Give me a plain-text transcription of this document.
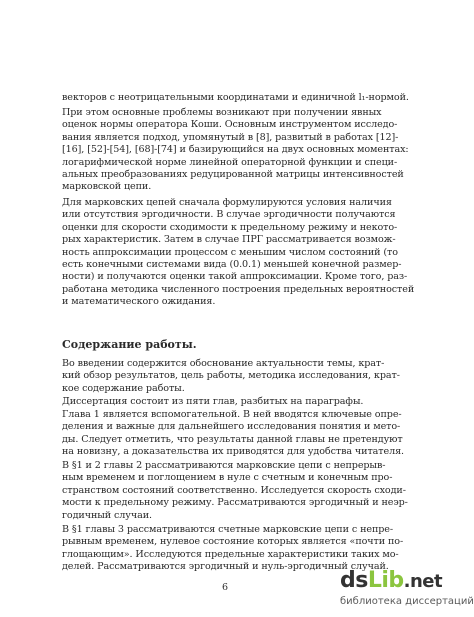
векторов с неотрицательными координатами и единичной l₁-нормой.

При этом основные проблемы возникают при получении явных
оценок нормы оператора Коши. Основным инструментом исследо-
вания является подход, упомянутый в [8], развитый в работах [12]-
[16], [52]-[54], [68]-[74] и базирующийся на двух основных моментах:
логарифмической норме линейной операторной функции и специ-
альных преобразованиях редуцированной матрицы интенсивностей
марковской цепи.

Для марковских цепей сначала формулируются условия наличия
или отсутствия эргодичности. В случае эргодичности получаются
оценки для скорости сходимости к предельному режиму и некото-
рых характеристик. Затем в случае ПРГ рассматривается возмож-
ность аппроксимации процессом с меньшим числом состояний (то
есть конечными системами вида (0.0.1) меньшей конечной размер-
ности) и получаются оценки такой аппроксимации. Кроме того, раз-
работана методика численного построения предельных вероятностей
и математического ожидания.

Содержание работы.

Во введении содержится обоснование актуальности темы, крат-
кий обзор результатов, цель работы, методика исследования, крат-
кое содержание работы.

Диссертация состоит из пяти глав, разбитых на параграфы.

Глава 1 является вспомогательной. В ней вводятся ключевые опре-
деления и важные для дальнейшего исследования понятия и мето-
ды. Следует отметить, что результаты данной главы не претендуют
на новизну, а доказательства их приводятся для удобства читателя.

В §1 и 2 главы 2 рассматриваются марковские цепи с непрерыв-
ным временем и поглощением в нуле с счетным и конечным про-
странством состояний соответственно. Исследуется скорость сходи-
мости к предельному режиму. Рассматриваются эргодичный и неэр-
годичный случаи.

В §1 главы 3 рассматриваются счетные марковские цепи с непре-
рывным временем, нулевое состояние которых является «почти по-
глощающим». Исследуются предельные характеристики таких мо-
делей. Рассматриваются эргодичный и нуль-эргодичный случай.

6	dsLib.net
библиотека диссертаций
